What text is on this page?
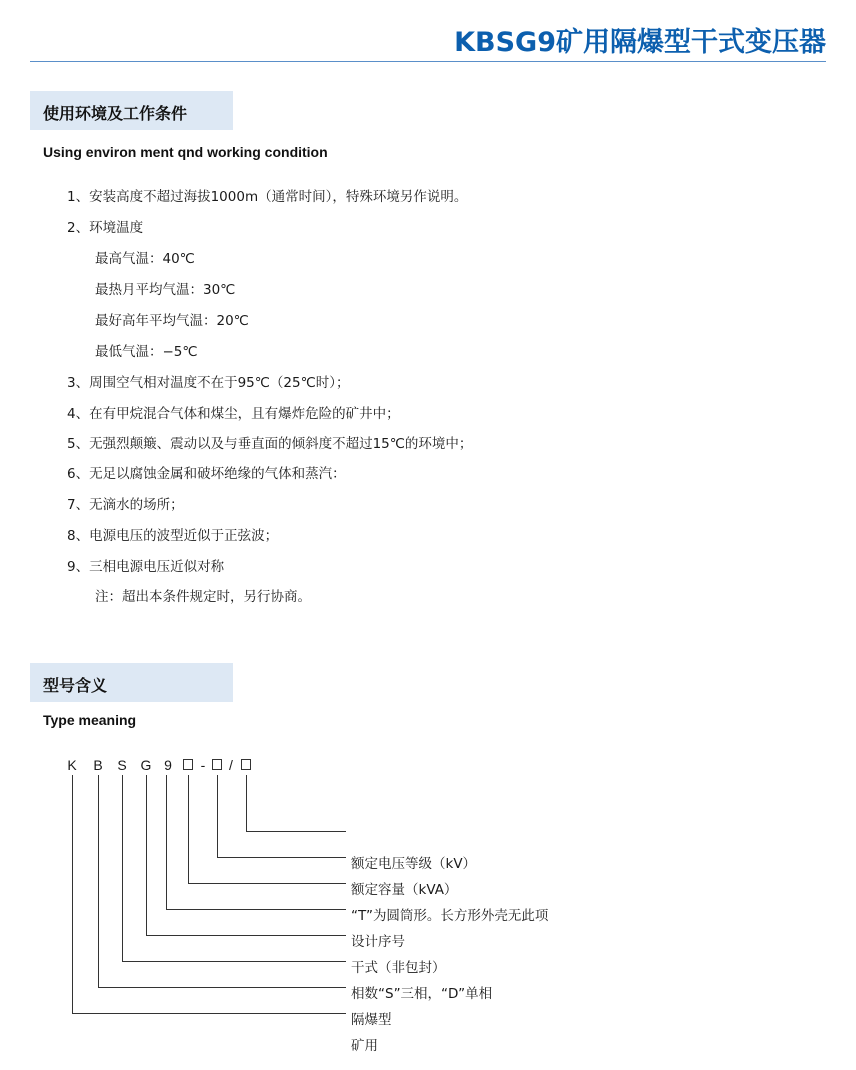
KBSG9矿用隔爆型干式变压器
使用环境及工作条件
Using environ ment qnd working condition
1、安装高度不超过海拔1000m（通常时间），特殊环境另作说明。
2、环境温度
最高气温：40℃
最热月平均气温：30℃
最好高年平均气温：20℃
最低气温：−5℃
3、周围空气相对温度不在于95℃（25℃时）；
4、在有甲烷混合气体和煤尘，且有爆炸危险的矿井中；
5、无强烈颠簸、震动以及与垂直面的倾斜度不超过15℃的环境中；
6、无足以腐蚀金属和破坏绝缘的气体和蒸汽：
7、无滴水的场所；
8、电源电压的波型近似于正弦波；
9、三相电源电压近似对称
注：超出本条件规定时，另行协商。
型号含义
Type meaning
K B S G 9	-	/
额定电压等级（kV）
额定容量（kVA）
“T”为圆筒形。长方形外壳无此项
设计序号
干式（非包封）
相数“S”三相，“D”单相
隔爆型
矿用
